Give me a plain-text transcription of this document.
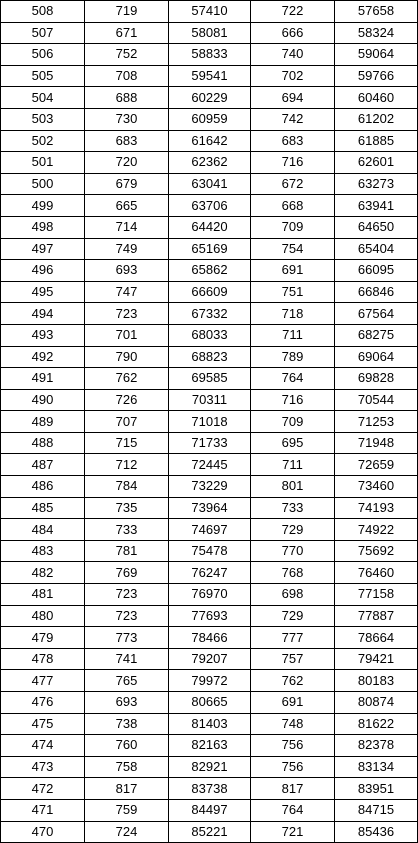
508	719	57410	722	57658
507	671	58081	666	58324
506	752	58833	740	59064
505	708	59541	702	59766
504	688	60229	694	60460
503	730	60959	742	61202
502	683	61642	683	61885
501	720	62362	716	62601
500	679	63041	672	63273
499	665	63706	668	63941
498	714	64420	709	64650
497	749	65169	754	65404
496	693	65862	691	66095
495	747	66609	751	66846
494	723	67332	718	67564
493	701	68033	711	68275
492	790	68823	789	69064
491	762	69585	764	69828
490	726	70311	716	70544
489	707	71018	709	71253
488	715	71733	695	71948
487	712	72445	711	72659
486	784	73229	801	73460
485	735	73964	733	74193
484	733	74697	729	74922
483	781	75478	770	75692
482	769	76247	768	76460
481	723	76970	698	77158
480	723	77693	729	77887
479	773	78466	777	78664
478	741	79207	757	79421
477	765	79972	762	80183
476	693	80665	691	80874
475	738	81403	748	81622
474	760	82163	756	82378
473	758	82921	756	83134
472	817	83738	817	83951
471	759	84497	764	84715
470	724	85221	721	85436
